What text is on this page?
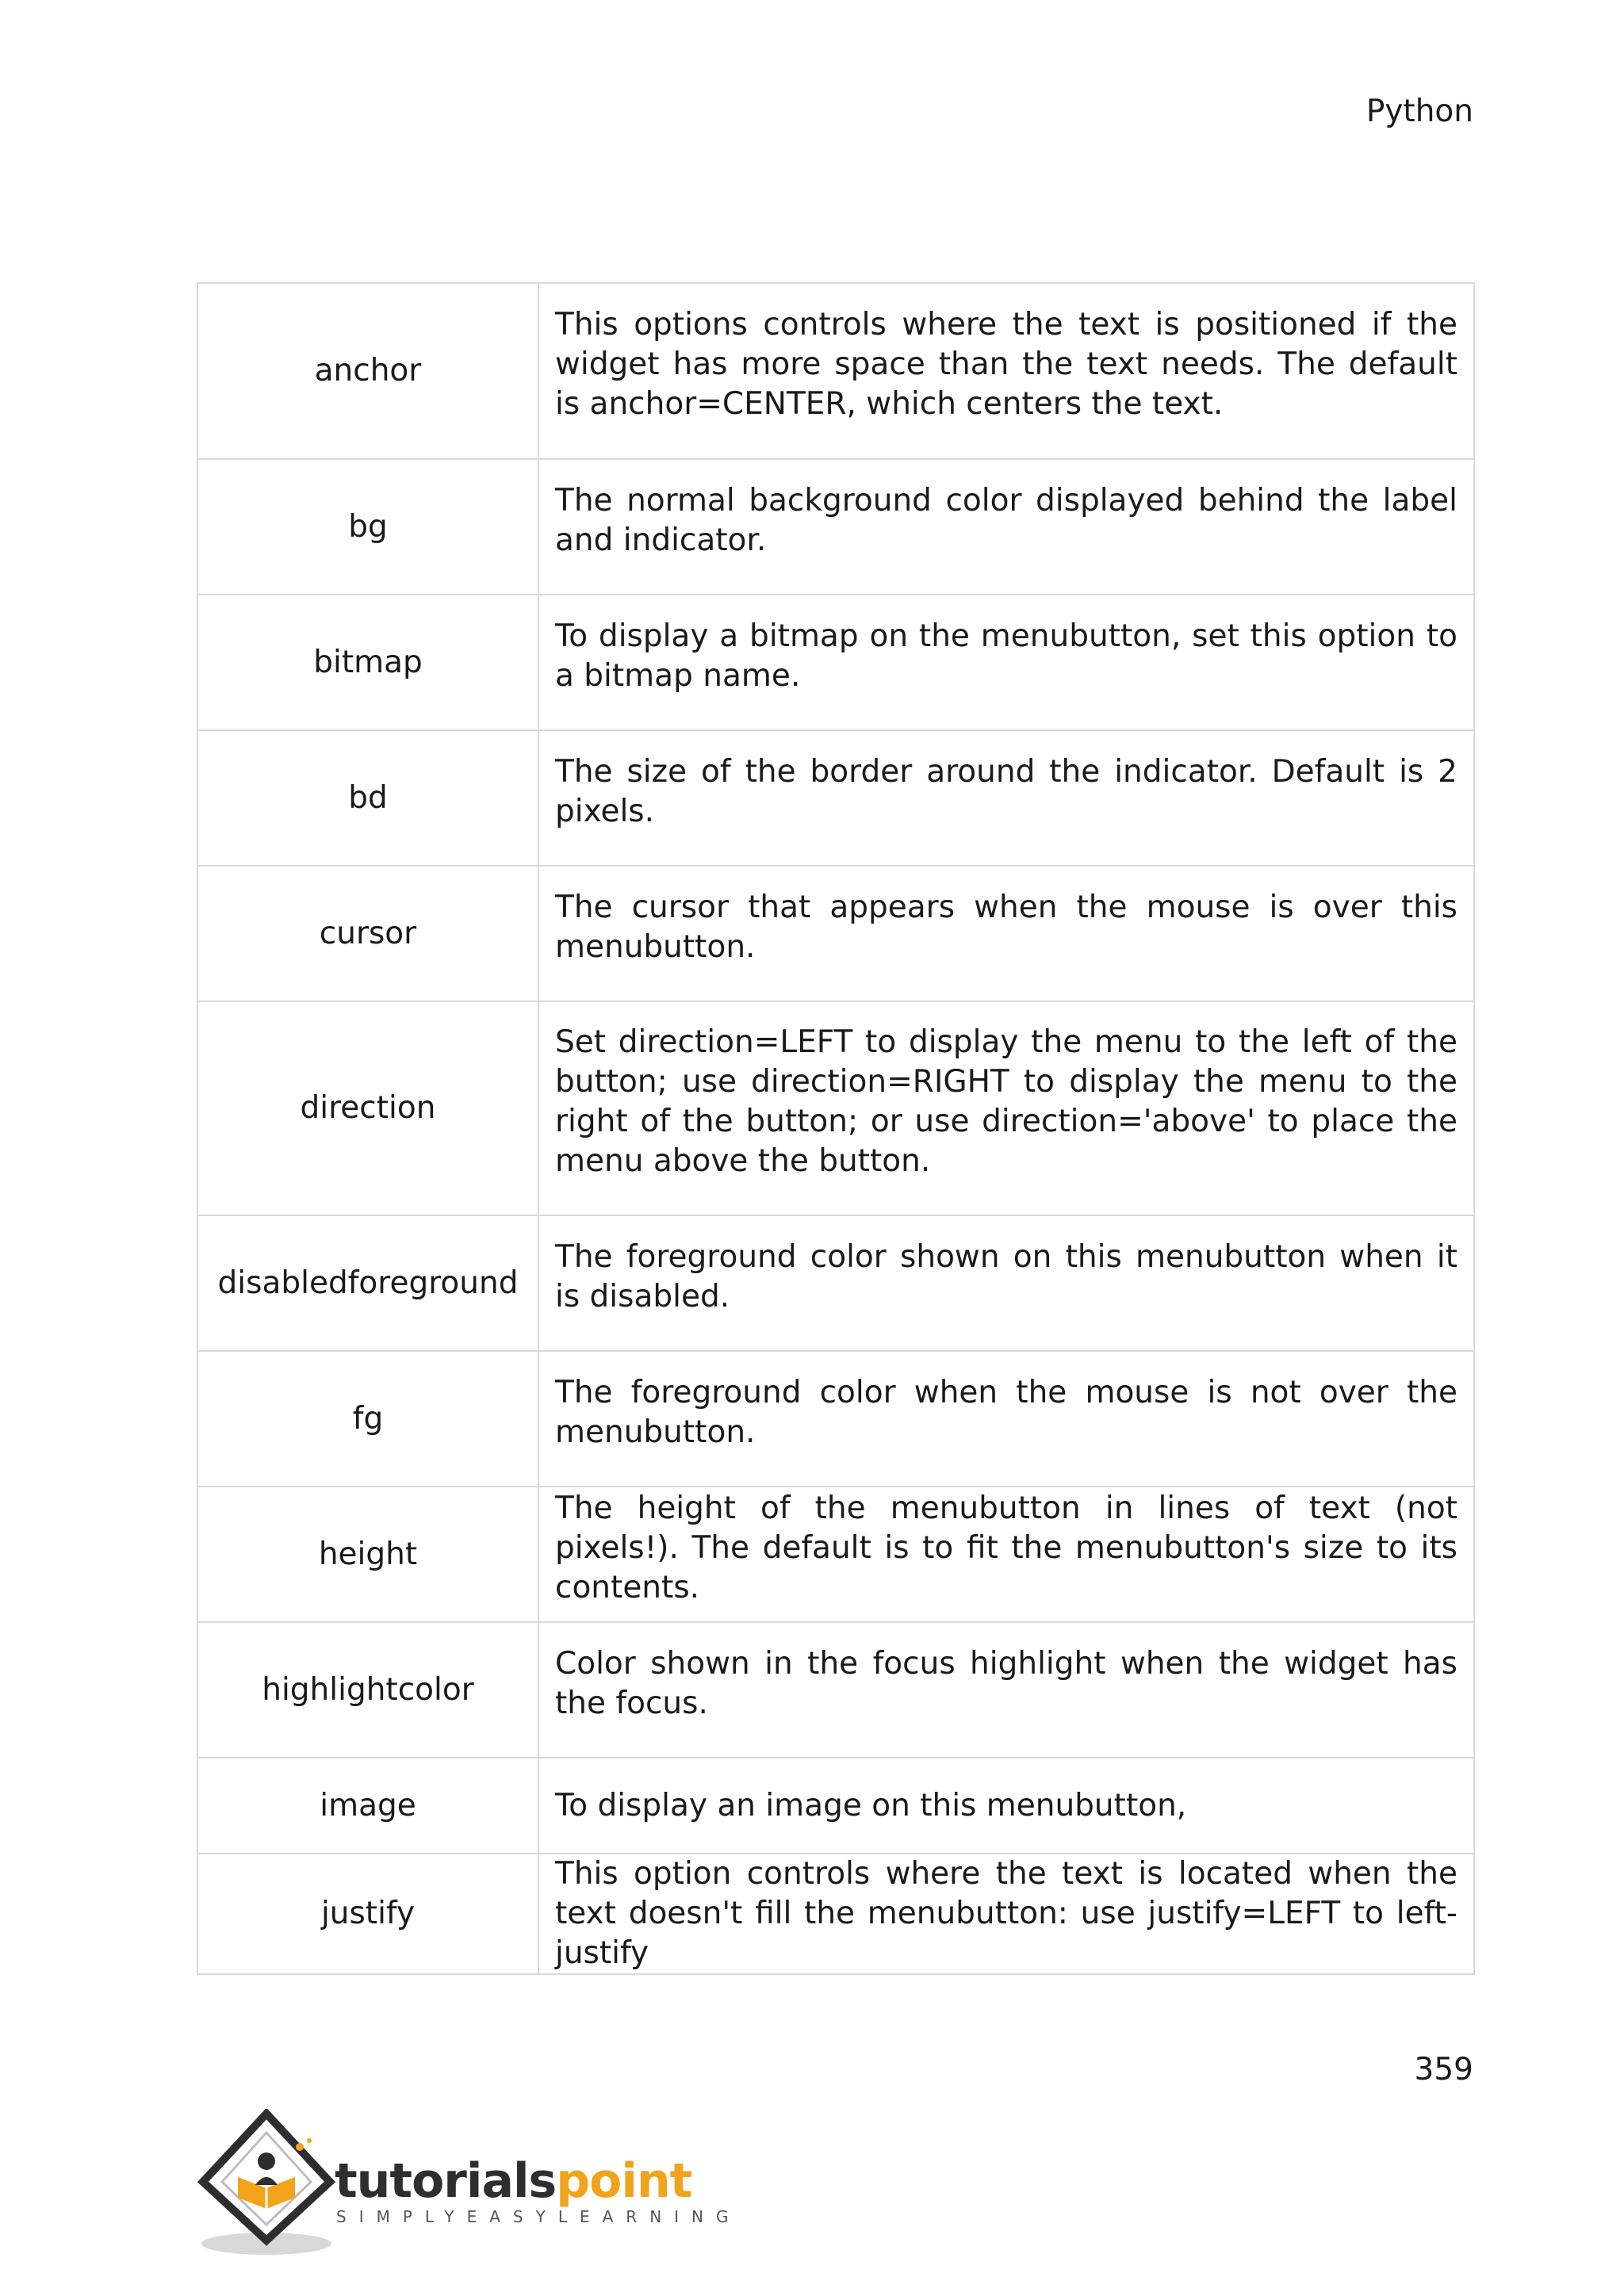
Python
anchor	This options controls where the text is positioned if the widget has more space than the text needs. The default is anchor=CENTER, which centers the text.

bg	The normal background color displayed behind the label and indicator.

bitmap	To display a bitmap on the menubutton, set this option to a bitmap name.

bd	The size of the border around the indicator. Default is 2 pixels.

cursor	The cursor that appears when the mouse is over this menubutton.

direction	Set direction=LEFT to display the menu to the left of the button; use direction=RIGHT to display the menu to the right of the button; or use direction='above' to place the menu above the button.

disabledforeground	The foreground color shown on this menubutton when it is disabled.

fg	The foreground color when the mouse is not over the menubutton.

height	The height of the menubutton in lines of text (not pixels!). The default is to fit the menubutton's size to its contents.

highlightcolor	Color shown in the focus highlight when the widget has the focus.

image	To display an image on this menubutton,

justify	This option controls where the text is located when the text doesn't fill the menubutton: use justify=LEFT to left-justify
359
tutorialspoint
SIMPLYEASYLEARNING
